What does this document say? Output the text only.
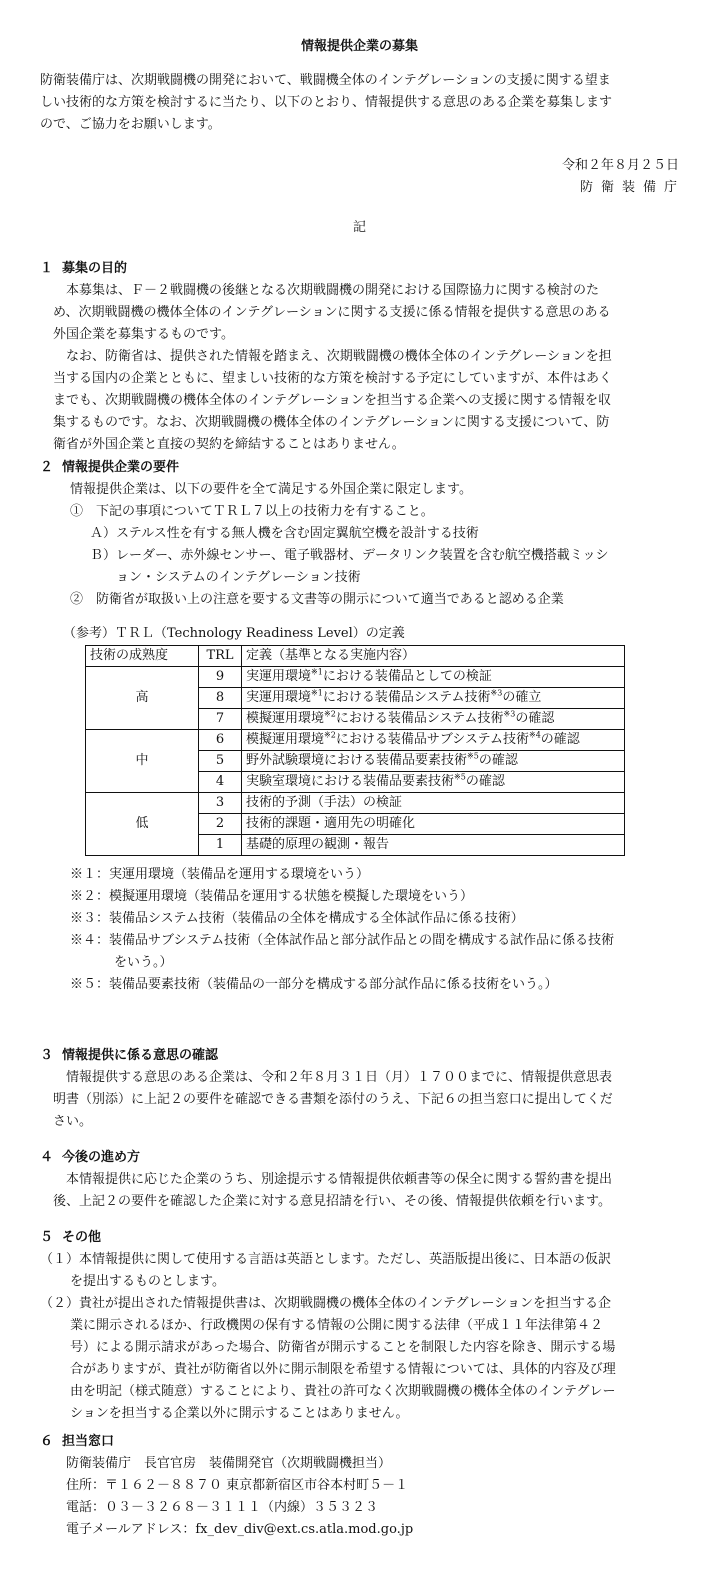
情報提供企業の募集
防衛装備庁は、次期戦闘機の開発において、戦闘機全体のインテグレーションの支援に関する望ま
しい技術的な方策を検討するに当たり、以下のとおり、情報提供する意思のある企業を募集します
ので、ご協力をお願いします。
令和２年８月２５日
防衛装備庁
記
１ 募集の目的
本募集は、Ｆ－２戦闘機の後継となる次期戦闘機の開発における国際協力に関する検討のた
め、次期戦闘機の機体全体のインテグレーションに関する支援に係る情報を提供する意思のある
外国企業を募集するものです。
なお、防衛省は、提供された情報を踏まえ、次期戦闘機の機体全体のインテグレーションを担
当する国内の企業とともに、望ましい技術的な方策を検討する予定にしていますが、本件はあく
までも、次期戦闘機の機体全体のインテグレーションを担当する企業への支援に関する情報を収
集するものです。なお、次期戦闘機の機体全体のインテグレーションに関する支援について、防
衛省が外国企業と直接の契約を締結することはありません。
２ 情報提供企業の要件
情報提供企業は、以下の要件を全て満足する外国企業に限定します。
①　下記の事項についてＴＲＬ７以上の技術力を有すること。
Ａ）ステルス性を有する無人機を含む固定翼航空機を設計する技術
Ｂ）レーダー、赤外線センサー、電子戦器材、データリンク装置を含む航空機搭載ミッシ
ョン・システムのインテグレーション技術
②　防衛省が取扱い上の注意を要する文書等の開示について適当であると認める企業
（参考）ＴＲＬ（Technology Readiness Level）の定義
技術の成熟度	TRL	定義（基準となる実施内容）
高	9	実運用環境$^{※1}$における装備品としての検証
	8	実運用環境$^{※1}$における装備品システム技術$^{※3}$の確立
	7	模擬運用環境$^{※2}$における装備品システム技術$^{※3}$の確認
中	6	模擬運用環境$^{※2}$における装備品サブシステム技術$^{※4}$の確認
	5	野外試験環境における装備品要素技術$^{※5}$の確認
	4	実験室環境における装備品要素技術$^{※5}$の確認
低	3	技術的予測（手法）の検証
	2	技術的課題・適用先の明確化
	1	基礎的原理の観測・報告
※１：実運用環境（装備品を運用する環境をいう）
※２：模擬運用環境（装備品を運用する状態を模擬した環境をいう）
※３：装備品システム技術（装備品の全体を構成する全体試作品に係る技術）
※４：装備品サブシステム技術（全体試作品と部分試作品との間を構成する試作品に係る技術
をいう。）
※５：装備品要素技術（装備品の一部分を構成する部分試作品に係る技術をいう。）
３ 情報提供に係る意思の確認
情報提供する意思のある企業は、令和２年８月３１日（月）１７００までに、情報提供意思表
明書（別添）に上記２の要件を確認できる書類を添付のうえ、下記６の担当窓口に提出してくだ
さい。
４ 今後の進め方
本情報提供に応じた企業のうち、別途提示する情報提供依頼書等の保全に関する誓約書を提出
後、上記２の要件を確認した企業に対する意見招請を行い、その後、情報提供依頼を行います。
５ その他
（１）本情報提供に関して使用する言語は英語とします。ただし、英語版提出後に、日本語の仮訳
を提出するものとします。
（２）貴社が提出された情報提供書は、次期戦闘機の機体全体のインテグレーションを担当する企
業に開示されるほか、行政機関の保有する情報の公開に関する法律（平成１１年法律第４２
号）による開示請求があった場合、防衛省が開示することを制限した内容を除き、開示する場
合がありますが、貴社が防衛省以外に開示制限を希望する情報については、具体的内容及び理
由を明記（様式随意）することにより、貴社の許可なく次期戦闘機の機体全体のインテグレー
ションを担当する企業以外に開示することはありません。
６ 担当窓口
防衛装備庁　長官官房　装備開発官（次期戦闘機担当）
住所：〒１６２－８８７０ 東京都新宿区市谷本村町５－１
電話：０３－３２６８－３１１１（内線）３５３２３
電子メールアドレス：fx_dev_div@ext.cs.atla.mod.go.jp
